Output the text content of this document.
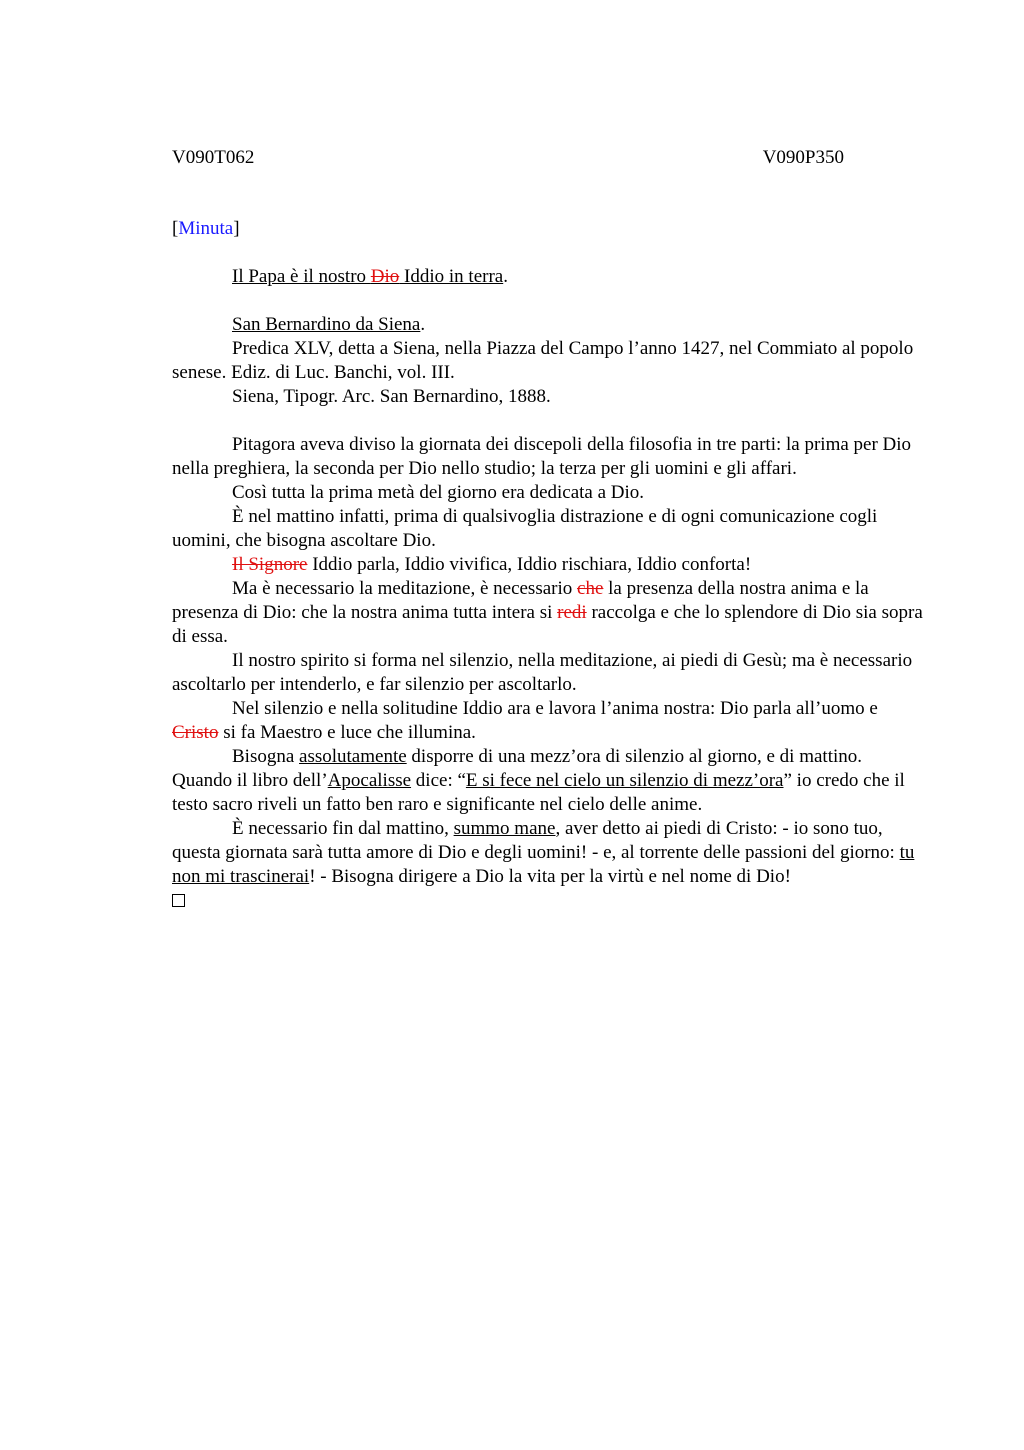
V090T062	V090P350
[Minuta]

Il Papa è il nostro Dio Iddio in terra.

San Bernardino da Siena.

Predica XLV, detta a Siena, nella Piazza del Campo l’anno 1427, nel Commiato al popolo senese. Ediz. di Luc. Banchi, vol. III.

Siena, Tipogr. Arc. San Bernardino, 1888.

Pitagora aveva diviso la giornata dei discepoli della filosofia in tre parti: la prima per Dio nella preghiera, la seconda per Dio nello studio; la terza per gli uomini e gli affari.

Così tutta la prima metà del giorno era dedicata a Dio.

È nel mattino infatti, prima di qualsivoglia distrazione e di ogni comunicazione cogli uomini, che bisogna ascoltare Dio.

Il Signore Iddio parla, Iddio vivifica, Iddio rischiara, Iddio conforta!

Ma è necessario la meditazione, è necessario che la presenza della nostra anima e la presenza di Dio: che la nostra anima tutta intera si redi raccolga e che lo splendore di Dio sia sopra di essa.

Il nostro spirito si forma nel silenzio, nella meditazione, ai piedi di Gesù; ma è necessario ascoltarlo per intenderlo, e far silenzio per ascoltarlo.

Nel silenzio e nella solitudine Iddio ara e lavora l’anima nostra: Dio parla all’uomo e Cristo si fa Maestro e luce che illumina.

Bisogna assolutamente disporre di una mezz’ora di silenzio al giorno, e di mattino. Quando il libro dell’Apocalisse dice: “E si fece nel cielo un silenzio di mezz’ora” io credo che il testo sacro riveli un fatto ben raro e significante nel cielo delle anime.

È necessario fin dal mattino, summo mane, aver detto ai piedi di Cristo: - io sono tuo, questa giornata sarà tutta amore di Dio e degli uomini! - e, al torrente delle passioni del giorno: tu non mi trascinerai! - Bisogna dirigere a Dio la vita per la virtù e nel nome di Dio!
